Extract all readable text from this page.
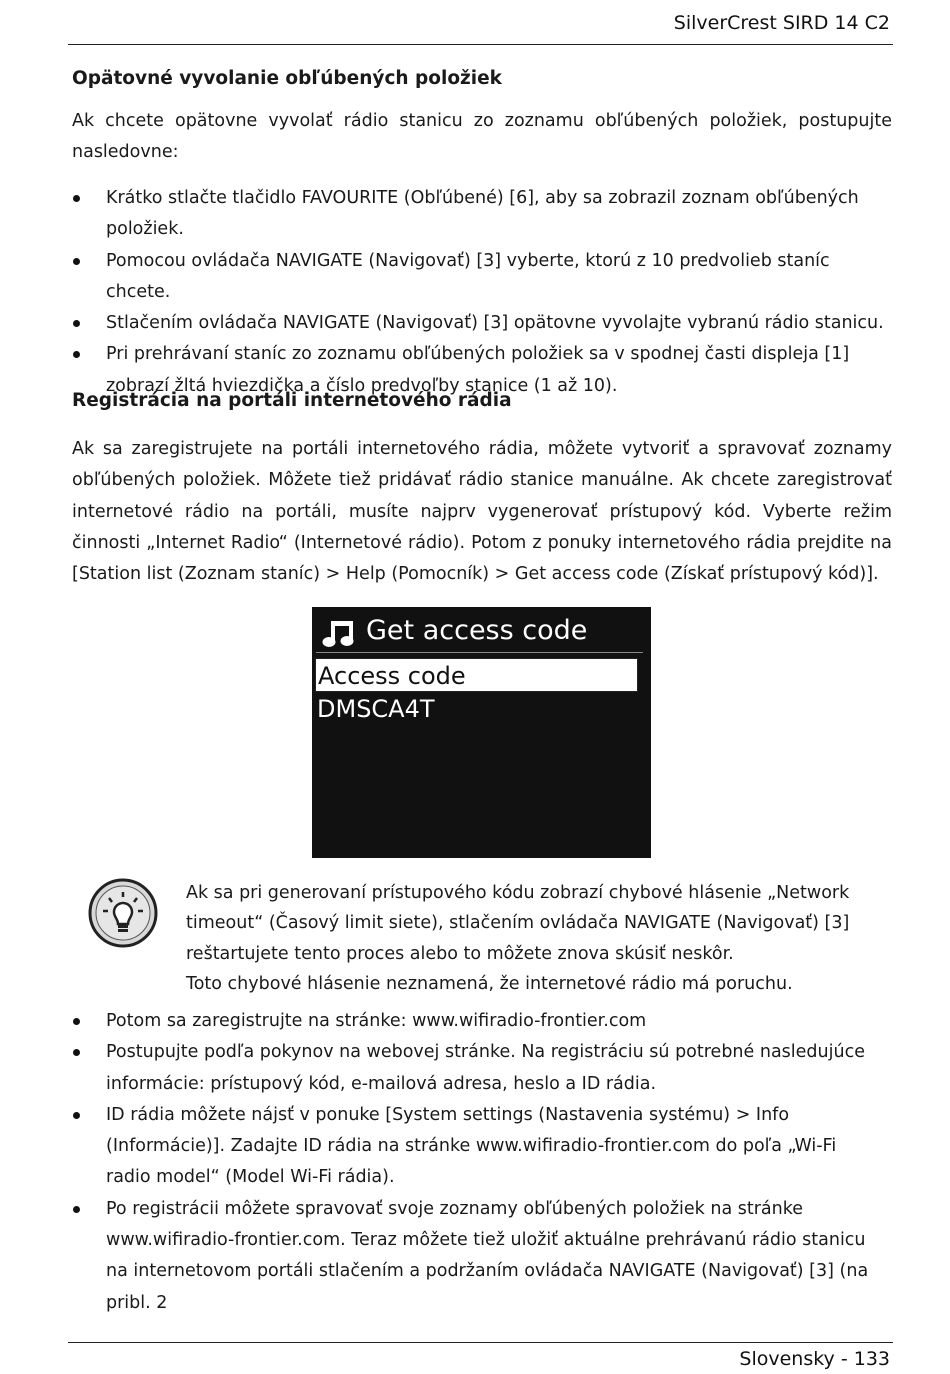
SilverCrest SIRD 14 C2
Opätovné vyvolanie obľúbených položiek
Ak chcete opätovne vyvolať rádio stanicu zo zoznamu obľúbených položiek, postupujte nasledovne:
Krátko stlačte tlačidlo FAVOURITE (Obľúbené) [6], aby sa zobrazil zoznam obľúbených položiek.
Pomocou ovládača NAVIGATE (Navigovať) [3] vyberte, ktorú z 10 predvolieb staníc chcete.
Stlačením ovládača NAVIGATE (Navigovať) [3] opätovne vyvolajte vybranú rádio stanicu.
Pri prehrávaní staníc zo zoznamu obľúbených položiek sa v spodnej časti displeja [1] zobrazí žltá hviezdička a číslo predvoľby stanice (1 až 10).
Registrácia na portáli internetového rádia
Ak sa zaregistrujete na portáli internetového rádia, môžete vytvoriť a spravovať zoznamy obľúbených položiek. Môžete tiež pridávať rádio stanice manuálne. Ak chcete zaregistrovať internetové rádio na portáli, musíte najprv vygenerovať prístupový kód. Vyberte režim činnosti „Internet Radio“ (Internetové rádio). Potom z ponuky internetového rádia prejdite na [Station list (Zoznam staníc) > Help (Pomocník) > Get access code (Získať prístupový kód)].
Get access code
Access code
DMSCA4T
Ak sa pri generovaní prístupového kódu zobrazí chybové hlásenie „Network timeout“ (Časový limit siete), stlačením ovládača NAVIGATE (Navigovať) [3] reštartujete tento proces alebo to môžete znova skúsiť neskôr.
Toto chybové hlásenie neznamená, že internetové rádio má poruchu.
Potom sa zaregistrujte na stránke: www.wifiradio-frontier.com
Postupujte podľa pokynov na webovej stránke. Na registráciu sú potrebné nasledujúce informácie: prístupový kód, e-mailová adresa, heslo a ID rádia.
ID rádia môžete nájsť v ponuke [System settings (Nastavenia systému) > Info (Informácie)]. Zadajte ID rádia na stránke www.wifiradio-frontier.com do poľa „Wi-Fi radio model“ (Model Wi-Fi rádia).
Po registrácii môžete spravovať svoje zoznamy obľúbených položiek na stránke www.wifiradio-frontier.com. Teraz môžete tiež uložiť aktuálne prehrávanú rádio stanicu na internetovom portáli stlačením a podržaním ovládača NAVIGATE (Navigovať) [3] (na pribl. 2
Slovensky - 133
